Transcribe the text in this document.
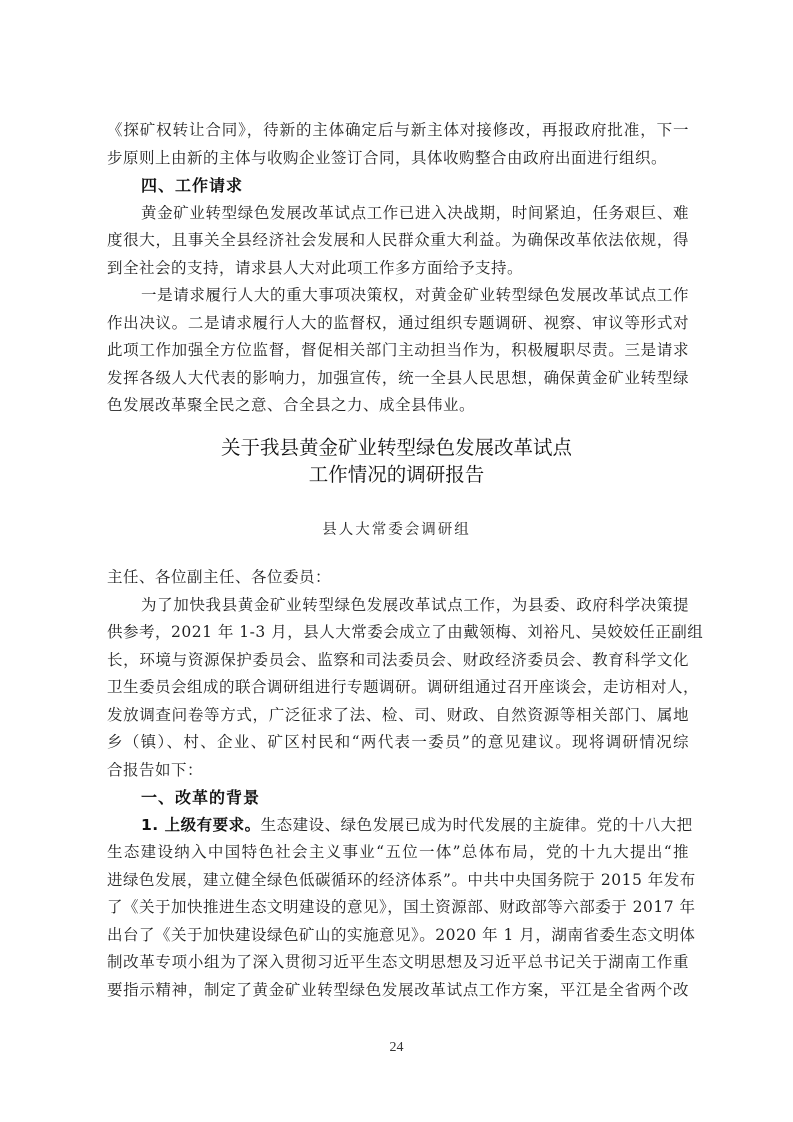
《探矿权转让合同》，待新的主体确定后与新主体对接修改，再报政府批准，下一
步原则上由新的主体与收购企业签订合同，具体收购整合由政府出面进行组织。
四、工作请求
黄金矿业转型绿色发展改革试点工作已进入决战期，时间紧迫，任务艰巨、难
度很大，且事关全县经济社会发展和人民群众重大利益。为确保改革依法依规，得
到全社会的支持，请求县人大对此项工作多方面给予支持。
一是请求履行人大的重大事项决策权，对黄金矿业转型绿色发展改革试点工作
作出决议。二是请求履行人大的监督权，通过组织专题调研、视察、审议等形式对
此项工作加强全方位监督，督促相关部门主动担当作为，积极履职尽责。三是请求
发挥各级人大代表的影响力，加强宣传，统一全县人民思想，确保黄金矿业转型绿
色发展改革聚全民之意、合全县之力、成全县伟业。
关于我县黄金矿业转型绿色发展改革试点
工作情况的调研报告
县人大常委会调研组
主任、各位副主任、各位委员：
为了加快我县黄金矿业转型绿色发展改革试点工作，为县委、政府科学决策提
供参考，2021 年 1-3 月，县人大常委会成立了由戴领梅、刘裕凡、吴姣姣任正副组
长，环境与资源保护委员会、监察和司法委员会、财政经济委员会、教育科学文化
卫生委员会组成的联合调研组进行专题调研。调研组通过召开座谈会，走访相对人，
发放调查问卷等方式，广泛征求了法、检、司、财政、自然资源等相关部门、属地
乡（镇）、村、企业、矿区村民和“两代表一委员”的意见建议。现将调研情况综
合报告如下：
一、改革的背景
1. 上级有要求。生态建设、绿色发展已成为时代发展的主旋律。党的十八大把
生态建设纳入中国特色社会主义事业“五位一体”总体布局，党的十九大提出“推
进绿色发展，建立健全绿色低碳循环的经济体系”。中共中央国务院于 2015 年发布
了《关于加快推进生态文明建设的意见》，国土资源部、财政部等六部委于 2017 年
出台了《关于加快建设绿色矿山的实施意见》。2020 年 1 月，湖南省委生态文明体
制改革专项小组为了深入贯彻习近平生态文明思想及习近平总书记关于湖南工作重
要指示精神，制定了黄金矿业转型绿色发展改革试点工作方案，平江是全省两个改
24
